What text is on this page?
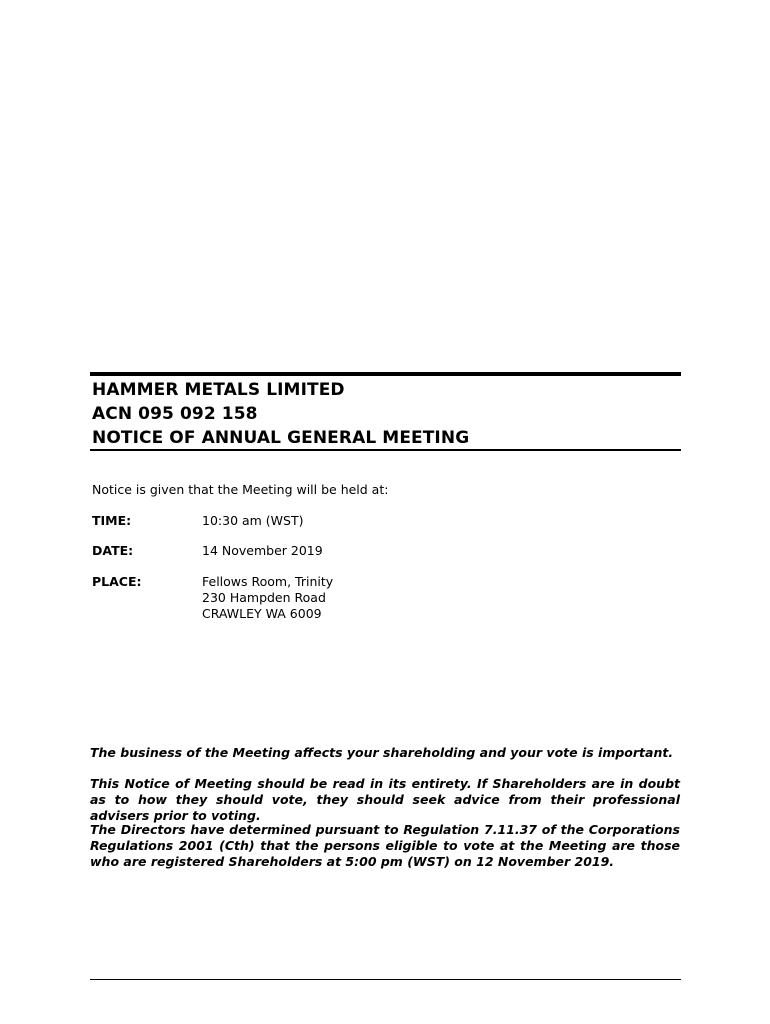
HAMMER METALS LIMITED
ACN 095 092 158
NOTICE OF ANNUAL GENERAL MEETING
Notice is given that the Meeting will be held at:
TIME:	10:30 am (WST)
DATE:	14 November 2019
PLACE:	Fellows Room, Trinity
230 Hampden Road
CRAWLEY WA 6009
The business of the Meeting affects your shareholding and your vote is important.
This Notice of Meeting should be read in its entirety. If Shareholders are in doubt as to how they should vote, they should seek advice from their professional advisers prior to voting.
The Directors have determined pursuant to Regulation 7.11.37 of the Corporations Regulations 2001 (Cth) that the persons eligible to vote at the Meeting are those who are registered Shareholders at 5:00 pm (WST) on 12 November 2019.
